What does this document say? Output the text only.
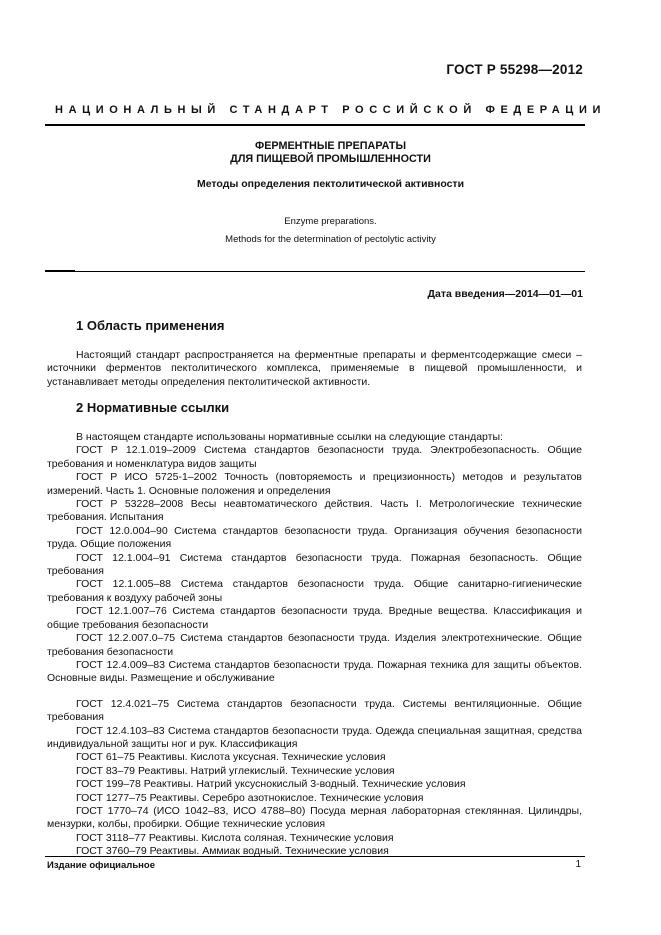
ГОСТ Р 55298—2012
НАЦИОНАЛЬНЫЙ СТАНДАРТ РОССИЙСКОЙ ФЕДЕРАЦИИ
ФЕРМЕНТНЫЕ ПРЕПАРАТЫ
ДЛЯ ПИЩЕВОЙ ПРОМЫШЛЕННОСТИ
Методы определения пектолитической активности
Enzyme preparations.
Methods for the determination of pectolytic activity
Дата введения—2014—01—01
1 Область применения

Настоящий стандарт распространяется на ферментные препараты и ферментсодержащие смеси – источники ферментов пектолитического комплекса, применяемые в пищевой промышленности, и устанавливает методы определения пектолитической активности.

2 Нормативные ссылки

В настоящем стандарте использованы нормативные ссылки на следующие стандарты:

ГОСТ Р 12.1.019–2009 Система стандартов безопасности труда. Электробезопасность. Общие требования и номенклатура видов защиты

ГОСТ Р ИСО 5725-1–2002 Точность (повторяемость и прецизионность) методов и результатов измерений. Часть 1. Основные положения и определения

ГОСТ Р 53228–2008 Весы неавтоматического действия. Часть I. Метрологические технические требования. Испытания

ГОСТ 12.0.004–90 Система стандартов безопасности труда. Организация обучения безопасности труда. Общие положения

ГОСТ 12.1.004–91 Система стандартов безопасности труда. Пожарная безопасность. Общие требования

ГОСТ 12.1.005–88 Система стандартов безопасности труда. Общие санитарно-гигиенические требования к воздуху рабочей зоны

ГОСТ 12.1.007–76 Система стандартов безопасности труда. Вредные вещества. Классификация и общие требования безопасности

ГОСТ 12.2.007.0–75 Система стандартов безопасности труда. Изделия электротехнические. Общие требования безопасности

ГОСТ 12.4.009–83 Система стандартов безопасности труда. Пожарная техника для защиты объектов. Основные виды. Размещение и обслуживание

ГОСТ 12.4.021–75 Система стандартов безопасности труда. Системы вентиляционные. Общие требования

ГОСТ 12.4.103–83 Система стандартов безопасности труда. Одежда специальная защитная, средства индивидуальной защиты ног и рук. Классификация

ГОСТ 61–75 Реактивы. Кислота уксусная. Технические условия

ГОСТ 83–79 Реактивы. Натрий углекислый. Технические условия

ГОСТ 199–78 Реактивы. Натрий уксуснокислый 3-водный. Технические условия

ГОСТ 1277–75 Реактивы. Серебро азотнокислое. Технические условия

ГОСТ 1770–74 (ИСО 1042–83, ИСО 4788–80) Посуда мерная лабораторная стеклянная. Цилиндры, мензурки, колбы, пробирки. Общие технические условия

ГОСТ 3118–77 Реактивы. Кислота соляная. Технические условия

ГОСТ 3760–79 Реактивы. Аммиак водный. Технические условия

Издание официальное	1
